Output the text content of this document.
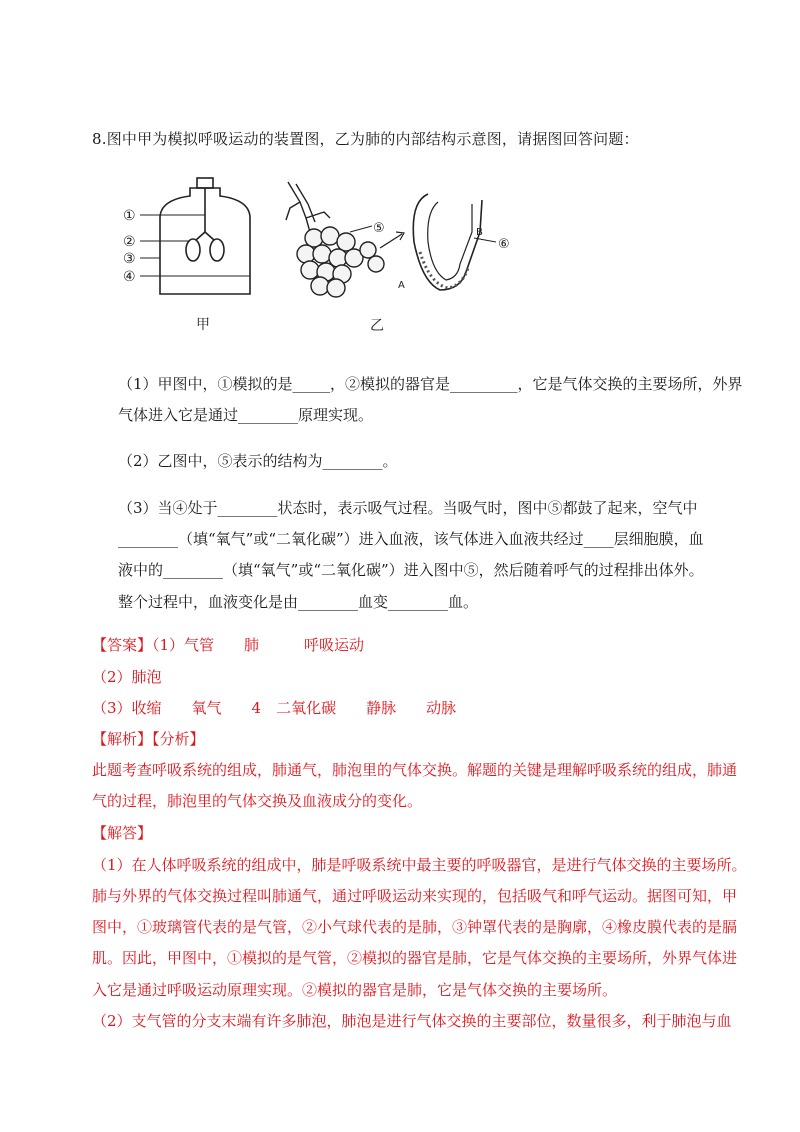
8.图中甲为模拟呼吸运动的装置图，乙为肺的内部结构示意图，请据图回答问题：
①
②
③
④
甲
⑤
⑥
B
A
乙
（1）甲图中，①模拟的是_____，②模拟的器官是_________，它是气体交换的主要场所，外界
气体进入它是通过________原理实现。
（2）乙图中，⑤表示的结构为________。
（3）当④处于________状态时，表示吸气过程。当吸气时，图中⑤都鼓了起来，空气中
________（填“氧气”或“二氧化碳”）进入血液，该气体进入血液共经过____层细胞膜，血
液中的________（填“氧气”或“二氧化碳”）进入图中⑤，然后随着呼气的过程排出体外。
整个过程中，血液变化是由________血变________血。
【答案】（1）气管　　肺　　　呼吸运动
（2）肺泡
（3）收缩　　氧气　　4　二氧化碳　　静脉　　动脉
【解析】【分析】
此题考查呼吸系统的组成，肺通气，肺泡里的气体交换。解题的关键是理解呼吸系统的组成，肺通
气的过程，肺泡里的气体交换及血液成分的变化。
【解答】
（1）在人体呼吸系统的组成中，肺是呼吸系统中最主要的呼吸器官，是进行气体交换的主要场所。
肺与外界的气体交换过程叫肺通气，通过呼吸运动来实现的，包括吸气和呼气运动。据图可知，甲
图中，①玻璃管代表的是气管，②小气球代表的是肺，③钟罩代表的是胸廓，④橡皮膜代表的是膈
肌。因此，甲图中，①模拟的是气管，②模拟的器官是肺，它是气体交换的主要场所，外界气体进
入它是通过呼吸运动原理实现。②模拟的器官是肺，它是气体交换的主要场所。
（2）支气管的分支末端有许多肺泡，肺泡是进行气体交换的主要部位，数量很多，利于肺泡与血
